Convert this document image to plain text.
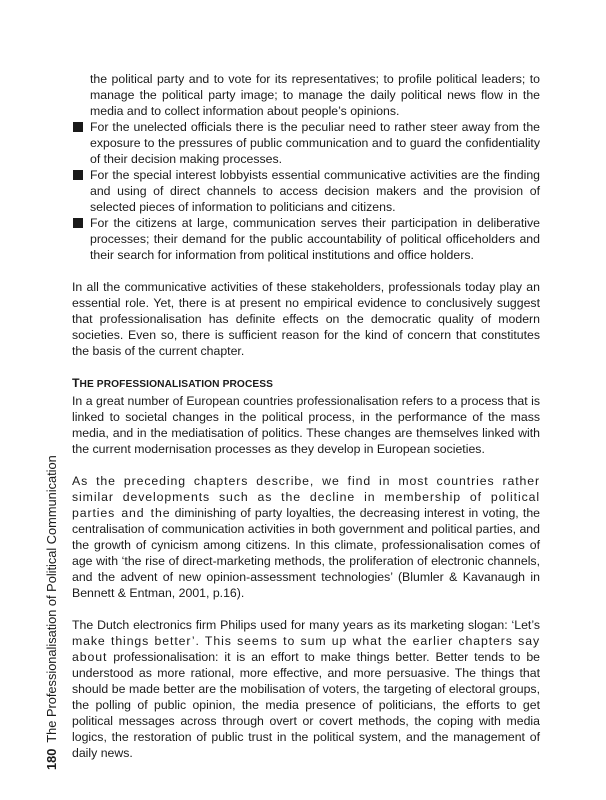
180The Professionalisation of Political Communication

the political party and to vote for its representatives; to profile political leaders; to manage the political party image; to manage the daily political news flow in the media and to collect information about people’s opinions.

For the unelected officials there is the peculiar need to rather steer away from the exposure to the pressures of public communication and to guard the confidentiality of their decision making processes.
For the special interest lobbyists essential communicative activities are the finding and using of direct channels to access decision makers and the provision of selected pieces of information to politicians and citizens.
For the citizens at large, communication serves their participation in deliberative processes; their demand for the public accountability of political officeholders and their search for information from political institutions and office holders.

In all the communicative activities of these stakeholders, professionals today play an essential role. Yet, there is at present no empirical evidence to conclusively suggest that professionalisation has definite effects on the democratic quality of modern societies. Even so, there is sufficient reason for the kind of concern that constitutes the basis of the current chapter.

THE PROFESSIONALISATION PROCESS

In a great number of European countries professionalisation refers to a process that is linked to societal changes in the political process, in the performance of the mass media, and in the mediatisation of politics. These changes are themselves linked with the current modernisation processes as they develop in European societies.

As the preceding chapters describe, we find in most countries rather similar developments such as the decline in membership of political parties and the diminishing of party loyalties, the decreasing interest in voting, the centralisation of communication activities in both government and political parties, and the growth of cynicism among citizens. In this climate, professionalisation comes of age with ‘the rise of direct-marketing methods, the proliferation of electronic channels, and the advent of new opinion-assessment technologies’ (Blumler & Kavanaugh in Bennett & Entman, 2001, p.16).

The Dutch electronics firm Philips used for many years as its marketing slogan: ‘Let’s make things better’. This seems to sum up what the earlier chapters say about professionalisation: it is an effort to make things better. Better tends to be understood as more rational, more effective, and more persuasive. The things that should be made better are the mobilisation of voters, the targeting of electoral groups, the polling of public opinion, the media presence of politicians, the efforts to get political messages across through overt or covert methods, the coping with media logics, the restoration of public trust in the political system, and the management of daily news.
